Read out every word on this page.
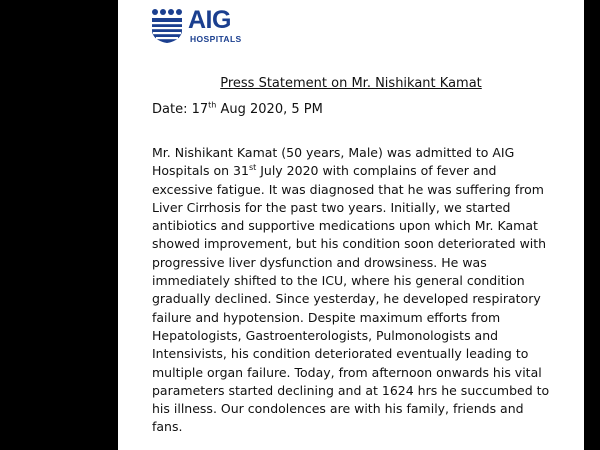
AIG
HOSPITALS
Press Statement on Mr. Nishikant Kamat
Date: 17th Aug 2020, 5 PM
Mr. Nishikant Kamat (50 years, Male) was admitted to AIG
Hospitals on 31st July 2020 with complains of fever and
excessive fatigue. It was diagnosed that he was suffering from
Liver Cirrhosis for the past two years. Initially, we started
antibiotics and supportive medications upon which Mr. Kamat
showed improvement, but his condition soon deteriorated with
progressive liver dysfunction and drowsiness. He was
immediately shifted to the ICU, where his general condition
gradually declined. Since yesterday, he developed respiratory
failure and hypotension. Despite maximum efforts from
Hepatologists, Gastroenterologists, Pulmonologists and
Intensivists, his condition deteriorated eventually leading to
multiple organ failure. Today, from afternoon onwards his vital
parameters started declining and at 1624 hrs he succumbed to
his illness. Our condolences are with his family, friends and
fans.
